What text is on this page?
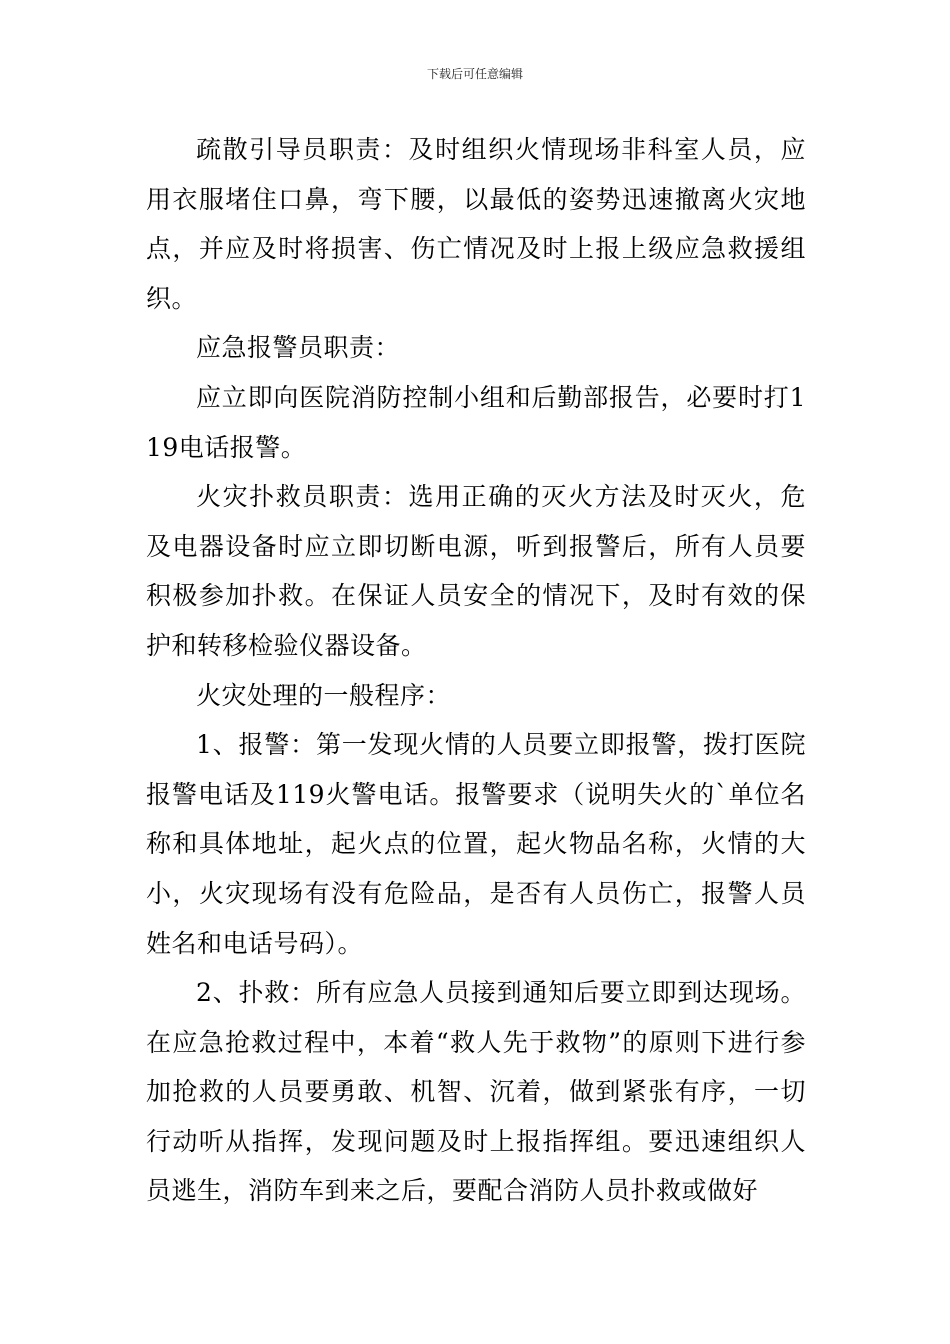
下载后可任意编辑

疏散引导员职责：及时组织火情现场非科室人员，应用衣服堵住口鼻，弯下腰，以最低的姿势迅速撤离火灾地点，并应及时将损害、伤亡情况及时上报上级应急救援组织。

应急报警员职责：

应立即向医院消防控制小组和后勤部报告，必要时打119电话报警。

火灾扑救员职责：选用正确的灭火方法及时灭火，危及电器设备时应立即切断电源，听到报警后，所有人员要积极参加扑救。在保证人员安全的情况下，及时有效的保护和转移检验仪器设备。

火灾处理的一般程序：

1、报警：第一发现火情的人员要立即报警，拨打医院报警电话及119火警电话。报警要求（说明失火的`单位名称和具体地址，起火点的位置，起火物品名称，火情的大小，火灾现场有没有危险品，是否有人员伤亡，报警人员姓名和电话号码）。

2、扑救：所有应急人员接到通知后要立即到达现场。在应急抢救过程中，本着“救人先于救物”的原则下进行参加抢救的人员要勇敢、机智、沉着，做到紧张有序，一切行动听从指挥，发现问题及时上报指挥组。要迅速组织人员逃生，消防车到来之后，要配合消防人员扑救或做好
